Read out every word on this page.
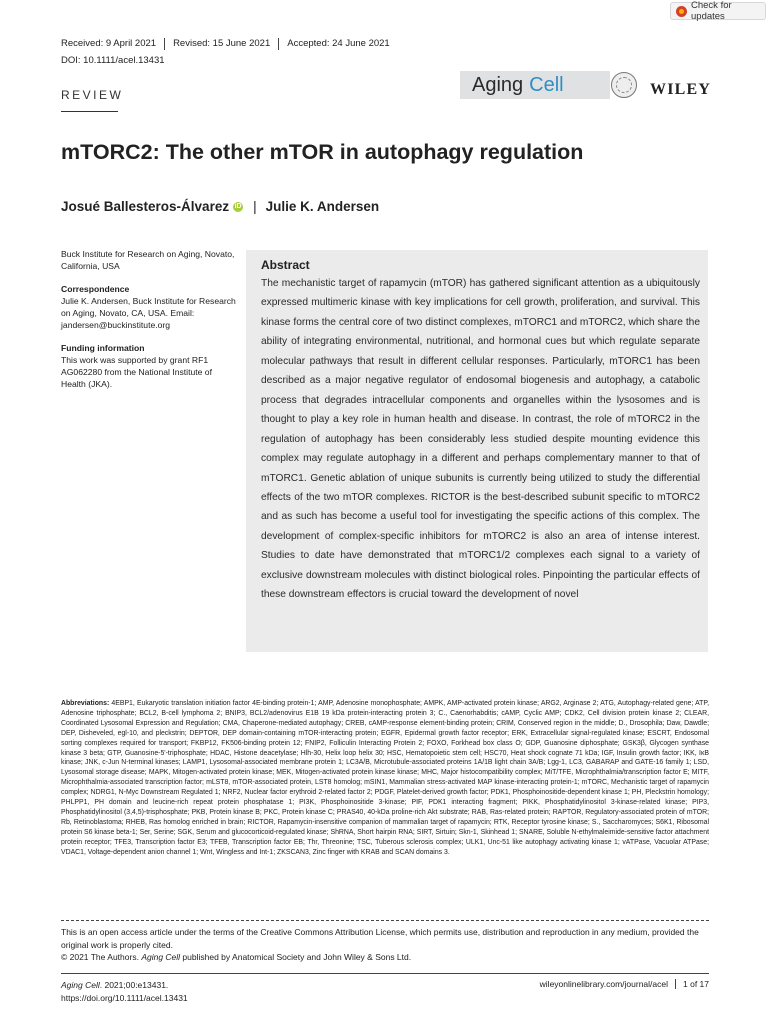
Check for updates
Received: 9 April 2021	Revised: 15 June 2021	Accepted: 24 June 2021
DOI: 10.1111/acel.13431
REVIEW	Aging Cell	WILEY
mTORC2: The other mTOR in autophagy regulation
Josué Ballesteros-Álvarez iD | Julie K. Andersen

Buck Institute for Research on Aging, Novato, California, USA

Correspondence

Julie K. Andersen, Buck Institute for Research on Aging, Novato, CA, USA. Email: jandersen@buckinstitute.org

Funding information

This work was supported by grant RF1 AG062280 from the National Institute of Health (JKA).

Abstract
The mechanistic target of rapamycin (mTOR) has gathered significant attention as a ubiquitously expressed multimeric kinase with key implications for cell growth, proliferation, and survival. This kinase forms the central core of two distinct complexes, mTORC1 and mTORC2, which share the ability of integrating environmental, nutritional, and hormonal cues but which regulate separate molecular pathways that result in different cellular responses. Particularly, mTORC1 has been described as a major negative regulator of endosomal biogenesis and autophagy, a catabolic process that degrades intracellular components and organelles within the lysosomes and is thought to play a key role in human health and disease. In contrast, the role of mTORC2 in the regulation of autophagy has been considerably less studied despite mounting evidence this complex may regulate autophagy in a different and perhaps complementary manner to that of mTORC1. Genetic ablation of unique subunits is currently being utilized to study the differential effects of the two mTOR complexes. RICTOR is the best-described subunit specific to mTORC2 and as such has become a useful tool for investigating the specific actions of this complex. The development of complex-specific inhibitors for mTORC2 is also an area of intense interest. Studies to date have demonstrated that mTORC1/2 complexes each signal to a variety of exclusive downstream molecules with distinct biological roles. Pinpointing the particular effects of these downstream effectors is crucial toward the development of novel
Abbreviations: 4EBP1, Eukaryotic translation initiation factor 4E-binding protein-1; AMP, Adenosine monophosphate; AMPK, AMP-activated protein kinase; ARG2, Arginase 2; ATG, Autophagy-related gene; ATP, Adenosine triphosphate; BCL2, B-cell lymphoma 2; BNIP3, BCL2/adenovirus E1B 19 kDa protein-interacting protein 3; C., Caenorhabditis; cAMP, Cyclic AMP; CDK2, Cell division protein kinase 2; CLEAR, Coordinated Lysosomal Expression and Regulation; CMA, Chaperone-mediated autophagy; CREB, cAMP-response element-binding protein; CRIM, Conserved region in the middle; D., Drosophila; Daw, Dawdle; DEP, Disheveled, egl-10, and pleckstrin; DEPTOR, DEP domain-containing mTOR-interacting protein; EGFR, Epidermal growth factor receptor; ERK, Extracellular signal-regulated kinase; ESCRT, Endosomal sorting complexes required for transport; FKBP12, FK506-binding protein 12; FNIP2, Folliculin Interacting Protein 2; FOXO, Forkhead box class O; GDP, Guanosine diphosphate; GSK3β, Glycogen synthase kinase 3 beta; GTP, Guanosine-5'-triphosphate; HDAC, Histone deacetylase; Hlh-30, Helix loop helix 30; HSC, Hematopoietic stem cell; HSC70, Heat shock cognate 71 kDa; IGF, Insulin growth factor; IKK, IκB kinase; JNK, c-Jun N-terminal kinases; LAMP1, Lysosomal-associated membrane protein 1; LC3A/B, Microtubule-associated proteins 1A/1B light chain 3A/B; Lgg-1, LC3, GABARAP and GATE-16 family 1; LSD, Lysosomal storage disease; MAPK, Mitogen-activated protein kinase; MEK, Mitogen-activated protein kinase kinase; MHC, Major histocompatibility complex; MiT/TFE, Microphthalmia/transcription factor E; MITF, Microphthalmia-associated transcription factor; mLST8, mTOR-associated protein, LST8 homolog; mSIN1, Mammalian stress-activated MAP kinase-interacting protein-1; mTORC, Mechanistic target of rapamycin complex; NDRG1, N-Myc Downstream Regulated 1; NRF2, Nuclear factor erythroid 2-related factor 2; PDGF, Platelet-derived growth factor; PDK1, Phosphoinositide-dependent kinase 1; PH, Pleckstrin homology; PHLPP1, PH domain and leucine-rich repeat protein phosphatase 1; PI3K, Phosphoinositide 3-kinase; PIF, PDK1 interacting fragment; PIKK, Phosphatidylinositol 3-kinase-related kinase; PIP3, Phosphatidylinositol (3,4,5)-trisphosphate; PKB, Protein kinase B; PKC, Protein kinase C; PRAS40, 40-kDa proline-rich Akt substrate; RAB, Ras-related protein; RAPTOR, Regulatory-associated protein of mTOR; Rb, Retinoblastoma; RHEB, Ras homolog enriched in brain; RICTOR, Rapamycin-insensitive companion of mammalian target of rapamycin; RTK, Receptor tyrosine kinase; S., Saccharomyces; S6K1, Ribosomal protein S6 kinase beta-1; Ser, Serine; SGK, Serum and glucocorticoid-regulated kinase; ShRNA, Short hairpin RNA; SIRT, Sirtuin; Skn-1, Skinhead 1; SNARE, Soluble N-ethylmaleimide-sensitive factor attachment protein receptor; TFE3, Transcription factor E3; TFEB, Transcription factor EB; Thr, Threonine; TSC, Tuberous sclerosis complex; ULK1, Unc-51 like autophagy activating kinase 1; vATPase, Vacuolar ATPase; VDAC1, Voltage-dependent anion channel 1; Wnt, Wingless and Int-1; ZKSCAN3, Zinc finger with KRAB and SCAN domains 3.
This is an open access article under the terms of the Creative Commons Attribution License, which permits use, distribution and reproduction in any medium, provided the original work is properly cited.
© 2021 The Authors. Aging Cell published by Anatomical Society and John Wiley & Sons Ltd.
Aging Cell. 2021;00:e13431.
https://doi.org/10.1111/acel.13431
wileyonlinelibrary.com/journal/acel	1 of 17
